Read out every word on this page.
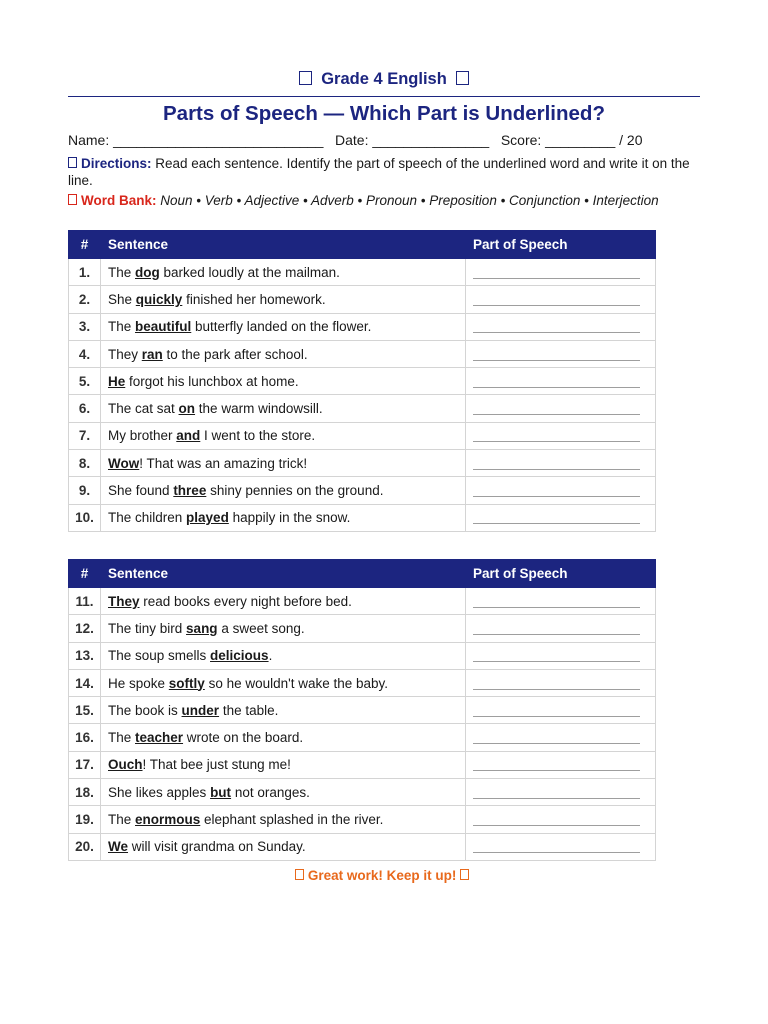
Grade 4 English
Parts of Speech — Which Part is Underlined?
Name: ___________________________   Date: _______________   Score: _________ / 20
Directions: Read each sentence. Identify the part of speech of the underlined word and write it on the line.
Word Bank: Noun • Verb • Adjective • Adverb • Pronoun • Preposition • Conjunction • Interjection
#	Sentence	Part of Speech
1.	The dog barked loudly at the mailman.	

2.	She quickly finished her homework.	

3.	The beautiful butterfly landed on the flower.	

4.	They ran to the park after school.	

5.	He forgot his lunchbox at home.	

6.	The cat sat on the warm windowsill.	

7.	My brother and I went to the store.	

8.	Wow! That was an amazing trick!	

9.	She found three shiny pennies on the ground.	

10.	The children played happily in the snow.	
#	Sentence	Part of Speech
11.	They read books every night before bed.	

12.	The tiny bird sang a sweet song.	

13.	The soup smells delicious.	

14.	He spoke softly so he wouldn't wake the baby.	

15.	The book is under the table.	

16.	The teacher wrote on the board.	

17.	Ouch! That bee just stung me!	

18.	She likes apples but not oranges.	

19.	The enormous elephant splashed in the river.	

20.	We will visit grandma on Sunday.	
Great work! Keep it up!
